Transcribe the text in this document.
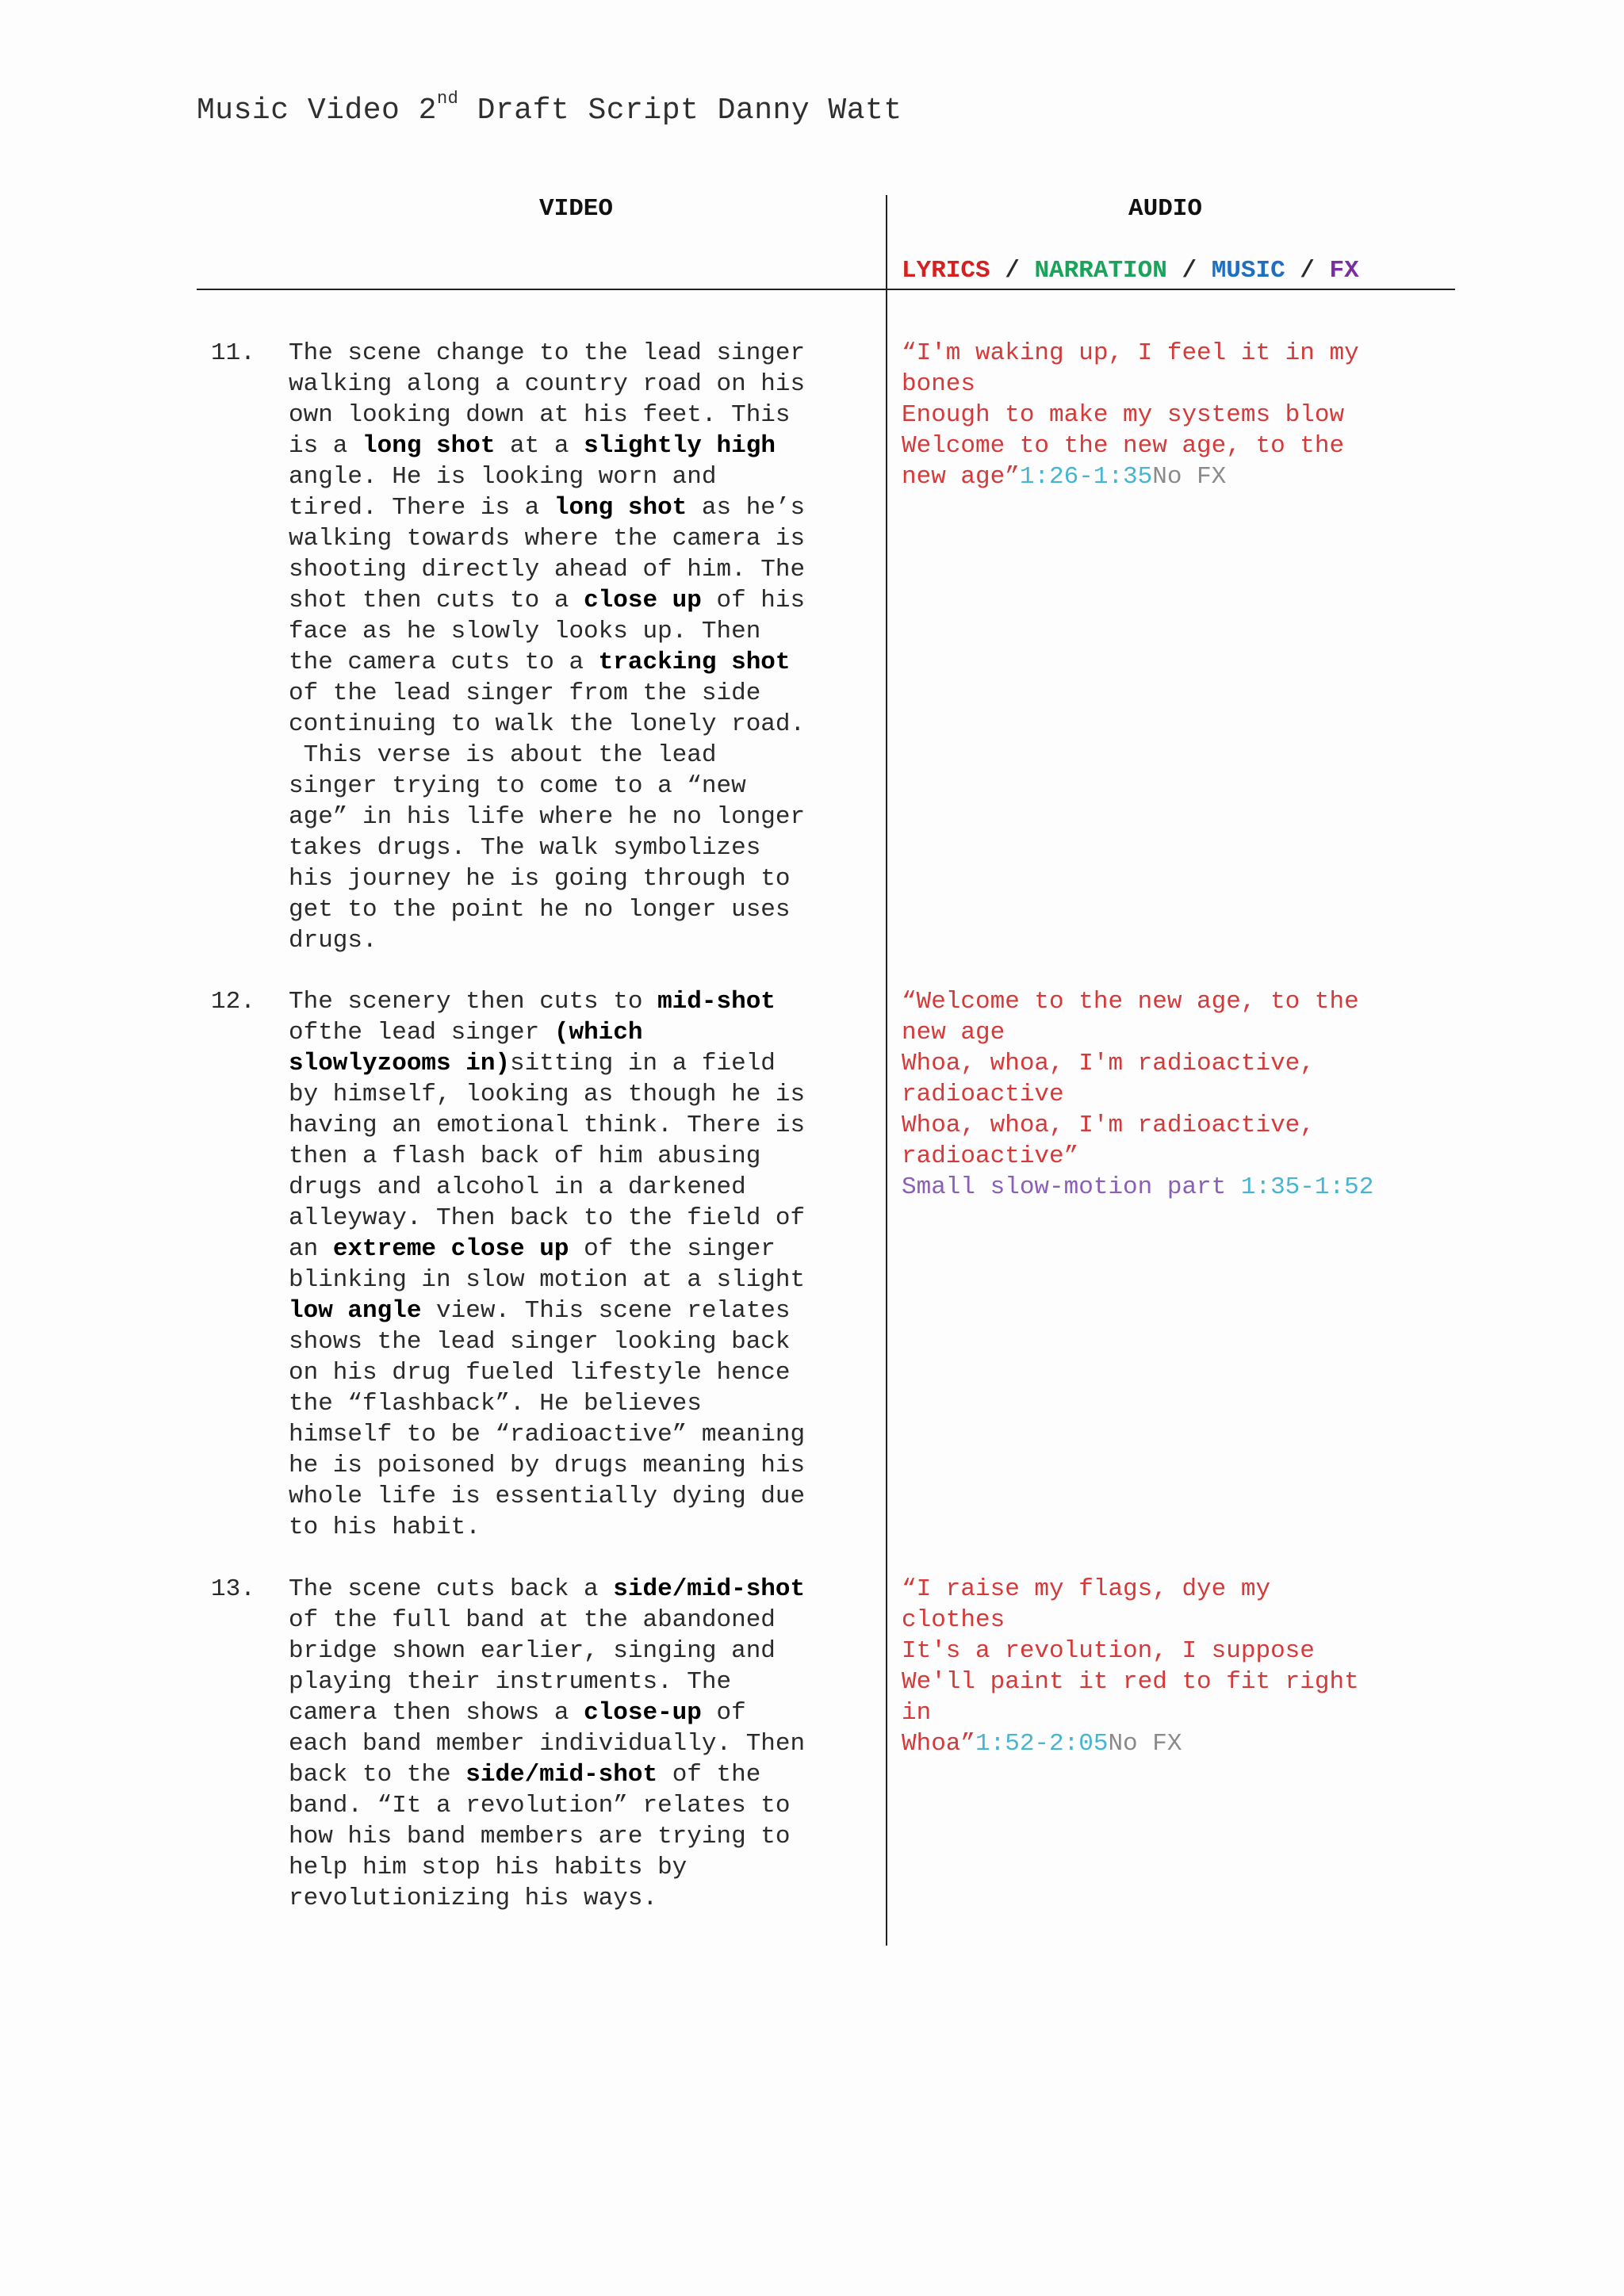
Music Video 2nd Draft Script Danny Watt
VIDEO	AUDIO
LYRICS / NARRATION / MUSIC / FX
11. The scene change to the lead singer
walking along a country road on his
own looking down at his feet. This
is a long shot at a slightly high
angle. He is looking worn and
tired. There is a long shot as he’s
walking towards where the camera is
shooting directly ahead of him. The
shot then cuts to a close up of his
face as he slowly looks up. Then
the camera cuts to a tracking shot
of the lead singer from the side
continuing to walk the lonely road.
This verse is about the lead
singer trying to come to a “new
age” in his life where he no longer
takes drugs. The walk symbolizes
his journey he is going through to
get to the point he no longer uses
drugs.
“I'm waking up, I feel it in my
bones
Enough to make my systems blow
Welcome to the new age, to the
new age”1:26-1:35No FX
12. The scenery then cuts to mid-shot
ofthe lead singer (which
slowlyzooms in)sitting in a field
by himself, looking as though he is
having an emotional think. There is
then a flash back of him abusing
drugs and alcohol in a darkened
alleyway. Then back to the field of
an extreme close up of the singer
blinking in slow motion at a slight
low angle view. This scene relates
shows the lead singer looking back
on his drug fueled lifestyle hence
the “flashback”. He believes
himself to be “radioactive” meaning
he is poisoned by drugs meaning his
whole life is essentially dying due
to his habit.
“Welcome to the new age, to the
new age
Whoa, whoa, I'm radioactive,
radioactive
Whoa, whoa, I'm radioactive,
radioactive”
Small slow-motion part 1:35-1:52
13. The scene cuts back a side/mid-shot
of the full band at the abandoned
bridge shown earlier, singing and
playing their instruments. The
camera then shows a close-up of
each band member individually. Then
back to the side/mid-shot of the
band. “It a revolution” relates to
how his band members are trying to
help him stop his habits by
revolutionizing his ways.
“I raise my flags, dye my
clothes
It's a revolution, I suppose
We'll paint it red to fit right
in
Whoa”1:52-2:05No FX
